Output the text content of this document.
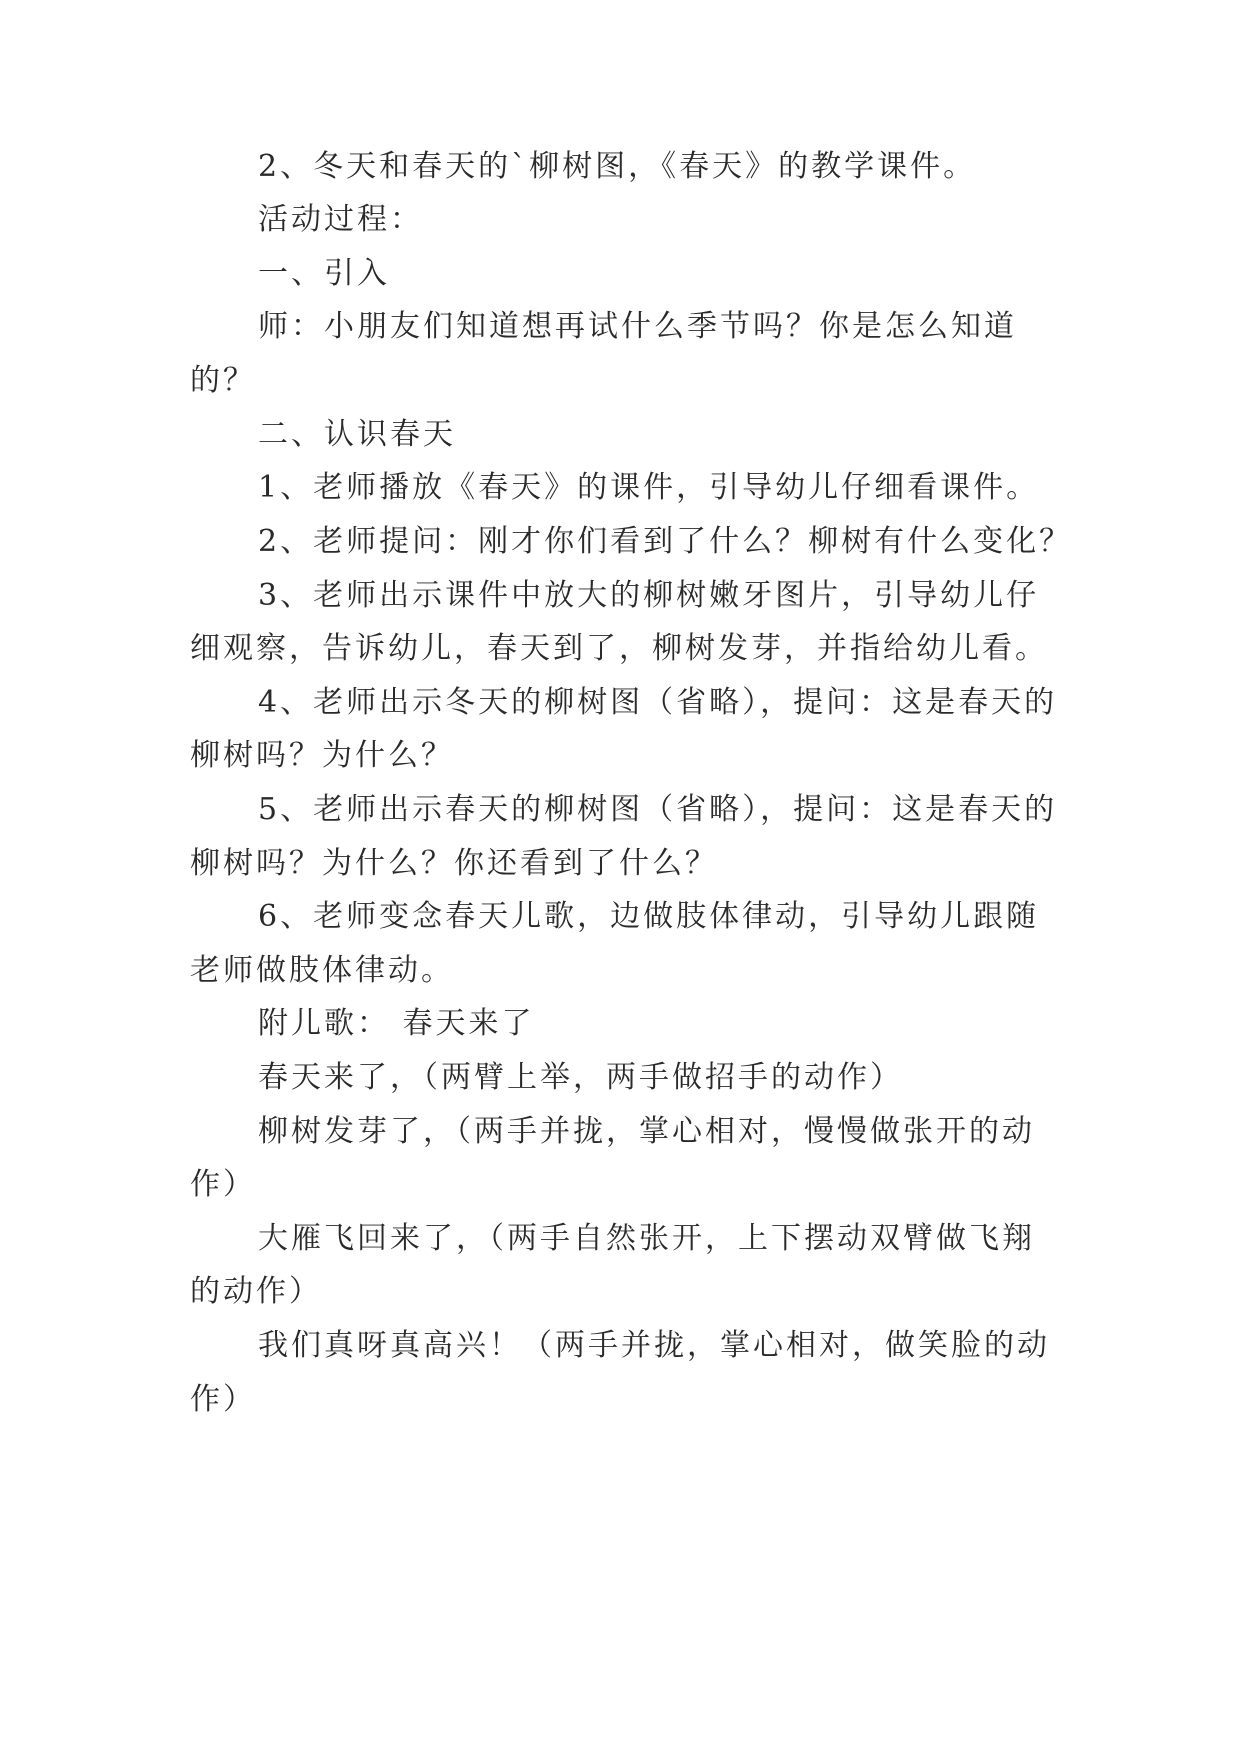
2、冬天和春天的`柳树图，《春天》的教学课件。
活动过程：
一、引入
师：小朋友们知道想再试什么季节吗？你是怎么知道
的？
二、认识春天
1、老师播放《春天》的课件，引导幼儿仔细看课件。
2、老师提问：刚才你们看到了什么？柳树有什么变化？
3、老师出示课件中放大的柳树嫩牙图片，引导幼儿仔
细观察，告诉幼儿，春天到了，柳树发芽，并指给幼儿看。
4、老师出示冬天的柳树图（省略），提问：这是春天的
柳树吗？为什么？
5、老师出示春天的柳树图（省略），提问：这是春天的
柳树吗？为什么？你还看到了什么？
6、老师变念春天儿歌，边做肢体律动，引导幼儿跟随
老师做肢体律动。
附儿歌： 春天来了
春天来了，（两臂上举，两手做招手的动作）
柳树发芽了，（两手并拢，掌心相对，慢慢做张开的动
作）
大雁飞回来了，（两手自然张开，上下摆动双臂做飞翔
的动作）
我们真呀真高兴！（两手并拢，掌心相对，做笑脸的动
作）
